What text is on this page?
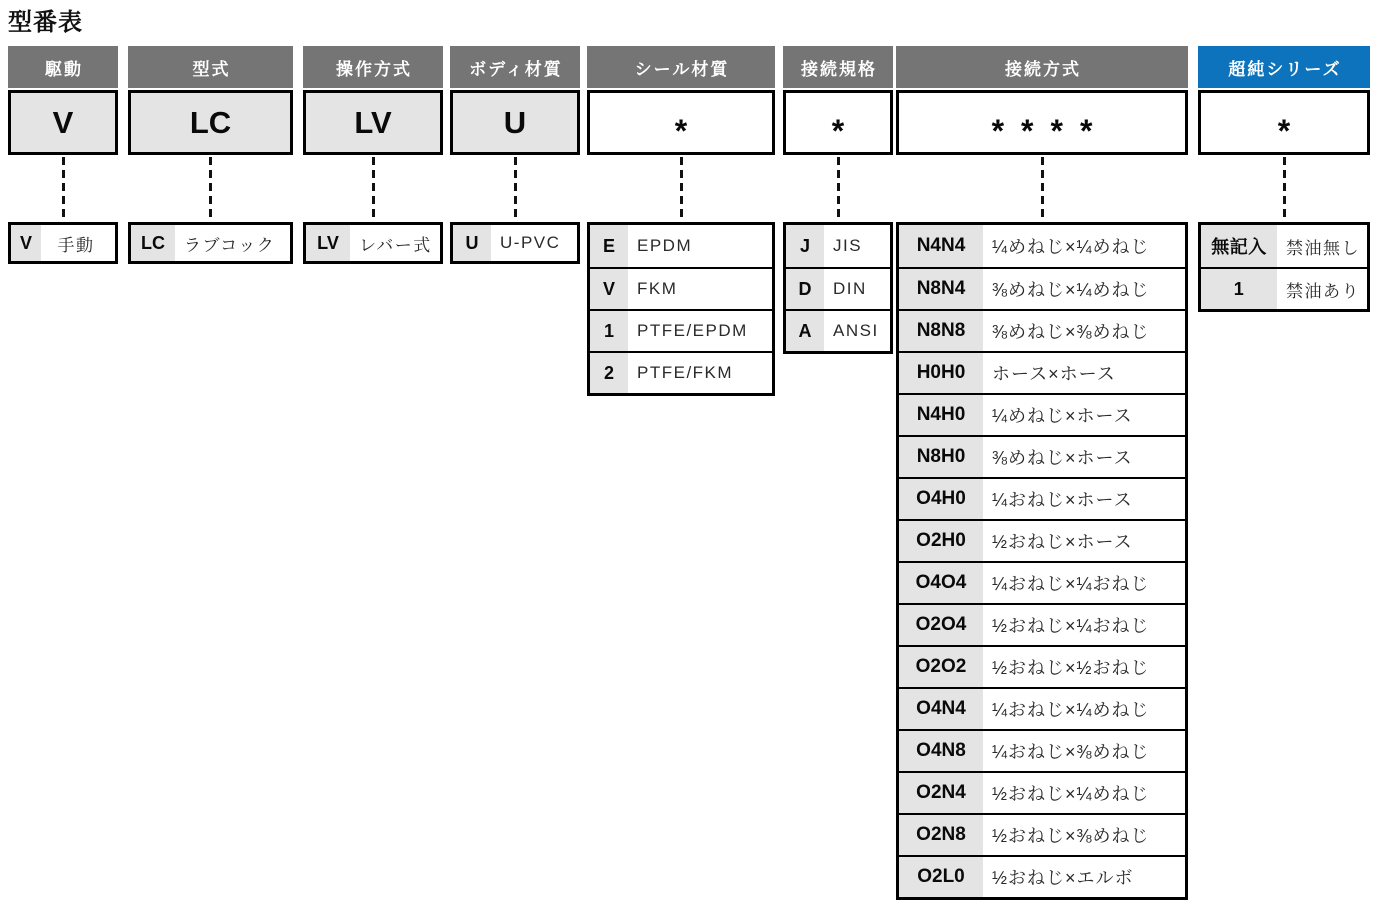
型番表
駆動
V
V	手動
型式
LC
LC	ラブコック
操作方式
LV
LV	レバー式
ボディ材質
U
U	U-PVC
シール材質
*
E	EPDM
V	FKM
1	PTFE/EPDM
2	PTFE/FKM
接続規格
*
J	JIS
D	DIN
A	ANSI
接続方式
****
N4N4	¼めねじ×¼めねじ
N8N4	⅜めねじ×¼めねじ
N8N8	⅜めねじ×⅜めねじ
H0H0	ホース×ホース
N4H0	¼めねじ×ホース
N8H0	⅜めねじ×ホース
O4H0	¼おねじ×ホース
O2H0	½おねじ×ホース
O4O4	¼おねじ×¼おねじ
O2O4	½おねじ×¼おねじ
O2O2	½おねじ×½おねじ
O4N4	¼おねじ×¼めねじ
O4N8	¼おねじ×⅜めねじ
O2N4	½おねじ×¼めねじ
O2N8	½おねじ×⅜めねじ
O2L0	½おねじ×エルボ
超純シリーズ
*
無記入	禁油無し
1	禁油あり
